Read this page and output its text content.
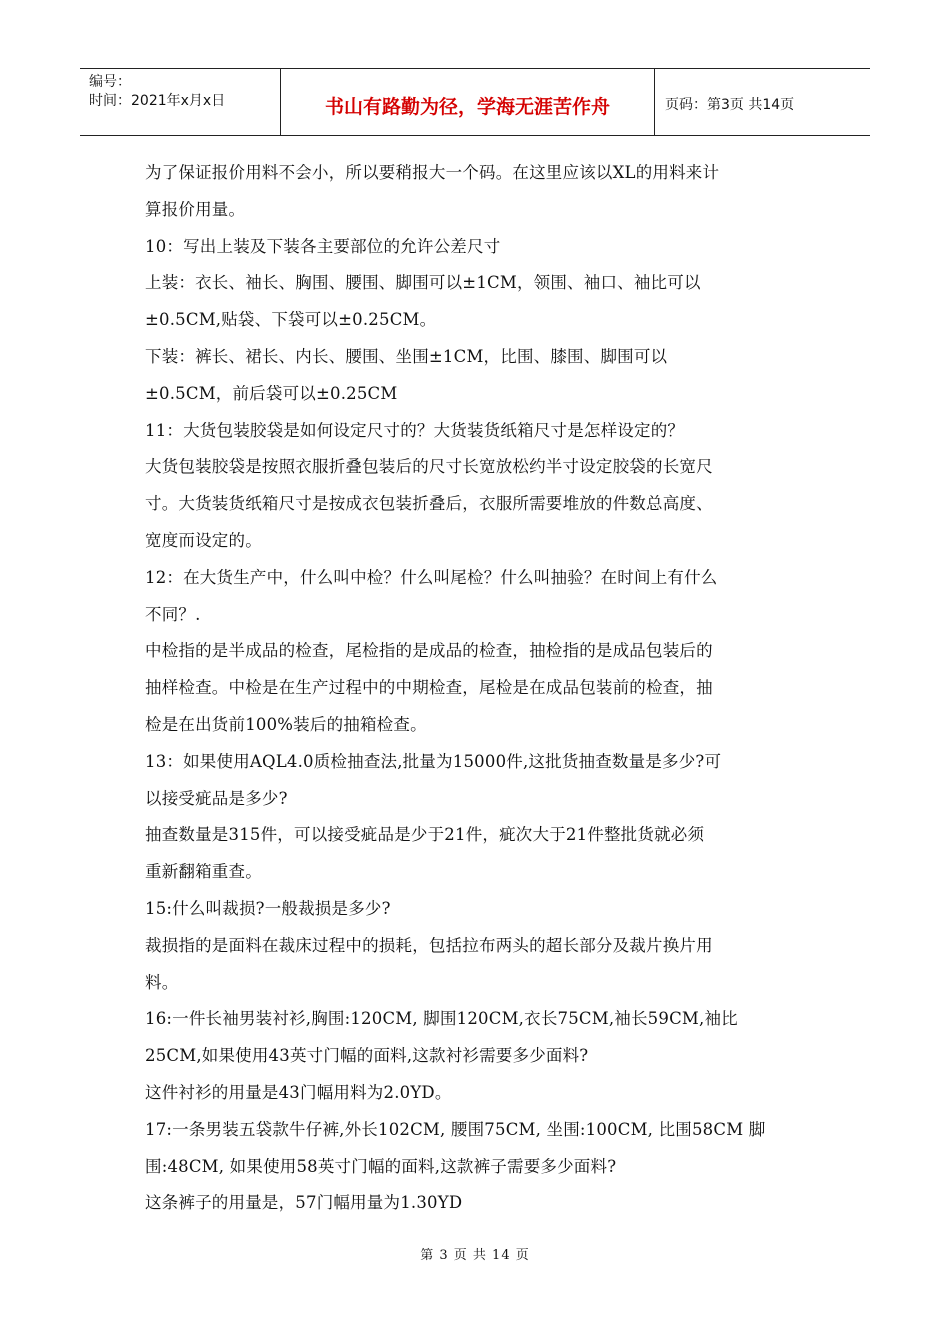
编号：
时间：2021年x月x日	书山有路勤为径，学海无涯苦作舟	页码：第3页 共14页
为了保证报价用料不会小，所以要稍报大一个码。在这里应该以XL的用料来计
算报价用量。
10：写出上装及下装各主要部位的允许公差尺寸
上装：衣长、袖长、胸围、腰围、脚围可以±1CM，领围、袖口、袖比可以
±0.5CM,贴袋、下袋可以±0.25CM。
下装：裤长、裙长、内长、腰围、坐围±1CM，比围、膝围、脚围可以
±0.5CM，前后袋可以±0.25CM
11：大货包装胶袋是如何设定尺寸的？大货装货纸箱尺寸是怎样设定的？
大货包装胶袋是按照衣服折叠包装后的尺寸长宽放松约半寸设定胶袋的长宽尺
寸。大货装货纸箱尺寸是按成衣包装折叠后，衣服所需要堆放的件数总高度、
宽度而设定的。
12：在大货生产中，什么叫中检？什么叫尾检？什么叫抽验？在时间上有什么
不同？.
中检指的是半成品的检查，尾检指的是成品的检查，抽检指的是成品包装后的
抽样检查。中检是在生产过程中的中期检查，尾检是在成品包装前的检查，抽
检是在出货前100%装后的抽箱检查。
13：如果使用AQL4.0质检抽查法,批量为15000件,这批货抽查数量是多少?可
以接受疵品是多少?
抽查数量是315件，可以接受疵品是少于21件，疵次大于21件整批货就必须
重新翻箱重查。
15:什么叫裁损?一般裁损是多少?
裁损指的是面料在裁床过程中的损耗，包括拉布两头的超长部分及裁片换片用
料。
16:一件长袖男装衬衫,胸围:120CM, 脚围120CM,衣长75CM,袖长59CM,袖比
25CM,如果使用43英寸门幅的面料,这款衬衫需要多少面料?
这件衬衫的用量是43门幅用料为2.0YD。
17:一条男装五袋款牛仔裤,外长102CM, 腰围75CM, 坐围:100CM, 比围58CM 脚
围:48CM, 如果使用58英寸门幅的面料,这款裤子需要多少面料?
这条裤子的用量是，57门幅用量为1.30YD
第 3 页 共 14 页
